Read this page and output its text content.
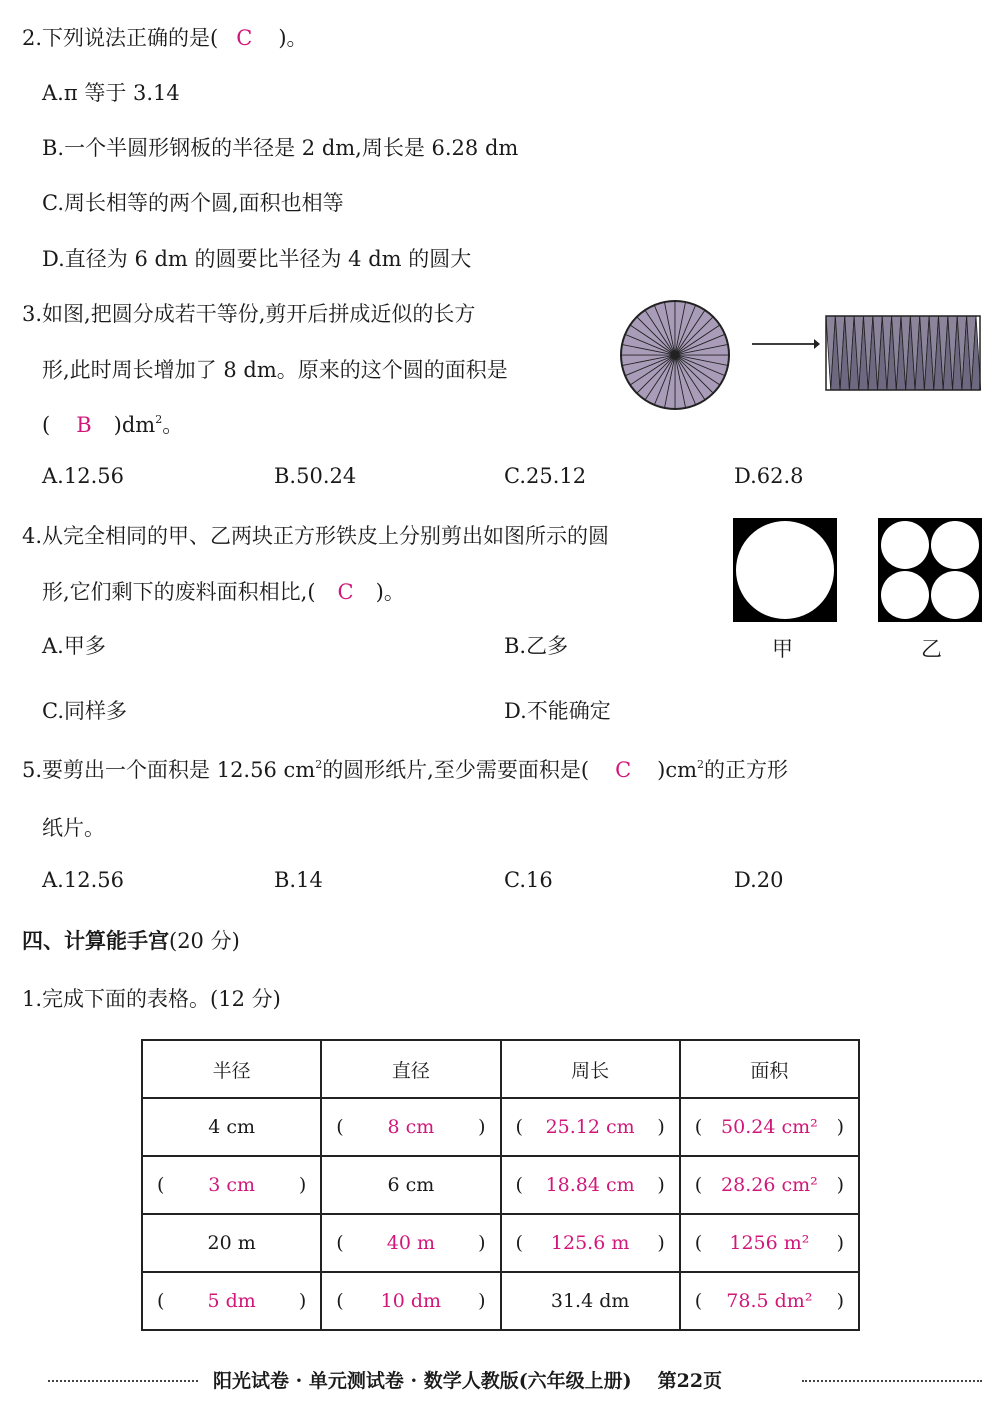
2.下列说法正确的是( C )。
A.π 等于 3.14
B.一个半圆形钢板的半径是 2 dm,周长是 6.28 dm
C.周长相等的两个圆,面积也相等
D.直径为 6 dm 的圆要比半径为 4 dm 的圆大
3.如图,把圆分成若干等份,剪开后拼成近似的长方
形,此时周长增加了 8 dm。原来的这个圆的面积是
( B )$dm^2$。
A.12.56	B.50.24	C.25.12	D.62.8
4.从完全相同的甲、乙两块正方形铁皮上分别剪出如图所示的圆
形,它们剩下的废料面积相比,( C )。
A.甲多	B.乙多
C.同样多	D.不能确定
甲	乙
5.要剪出一个面积是 12.56 $cm^2$的圆形纸片,至少需要面积是( C )$cm^2$的正方形
纸片。
A.12.56	B.14	C.16	D.20
四、计算能手宫(20 分)
1.完成下面的表格。(12 分)
半径	直径	周长	面积

4 cm	( 8 cm )	( 25.12 cm )	( 50.24 cm² )

( 3 cm )	6 cm	( 18.84 cm )	( 28.26 cm² )

20 m	( 40 m )	( 125.6 m )	( 1256 m² )

( 5 dm )	( 10 dm )	31.4 dm	( 78.5 dm² )
阳光试卷 · 单元测试卷 · 数学人教版(六年级上册) 第22页
